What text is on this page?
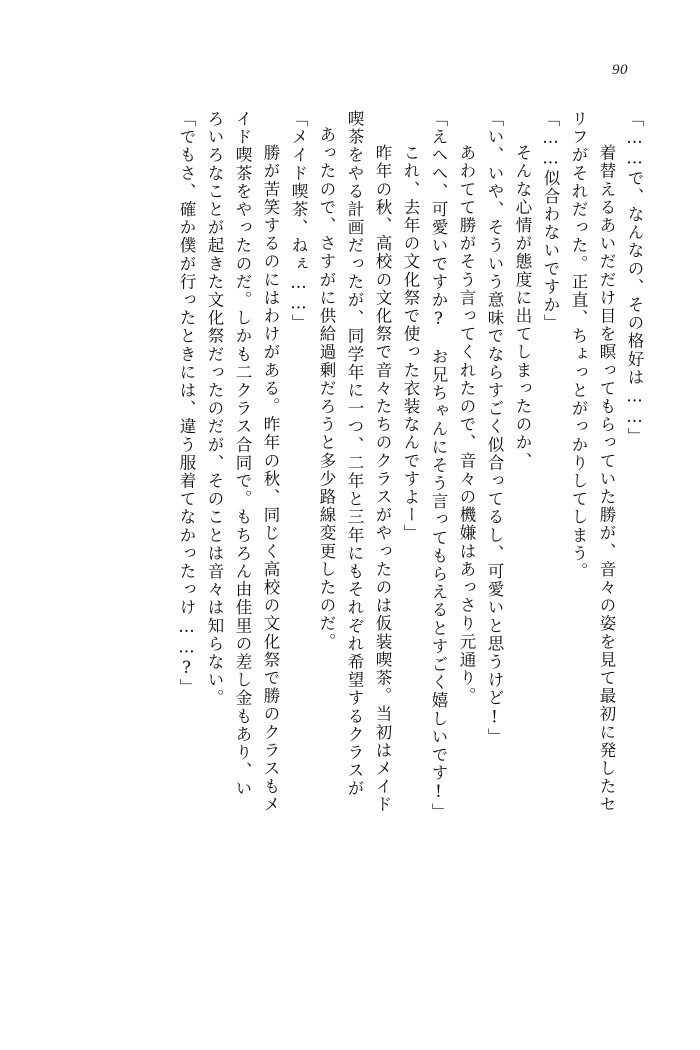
90
「……で、なんなの、その格好は……」
　着替えるあいだだけ目を瞑ってもらっていた勝が、音々の姿を見て最初に発したセ
リフがそれだった。正直、ちょっとがっかりしてしまう。
「……似合わないですか」
　そんな心情が態度に出てしまったのか、
「い、いや、そういう意味でならすごく似合ってるし、可愛いと思うけど!」
　あわてて勝がそう言ってくれたので、音々の機嫌はあっさり元通り。
「えへへ、可愛いですか?　お兄ちゃんにそう言ってもらえるとすごく嬉しいです!」
　これ、去年の文化祭で使った衣装なんですよー」
　昨年の秋、高校の文化祭で音々たちのクラスがやったのは仮装喫茶。当初はメイド
喫茶をやる計画だったが、同学年に一つ、二年と三年にもそれぞれ希望するクラスが
あったので、さすがに供給過剰だろうと多少路線変更したのだ。
「メイド喫茶、ねぇ……」
　勝が苦笑するのにはわけがある。昨年の秋、同じく高校の文化祭で勝のクラスもメ
イド喫茶をやったのだ。しかも二クラス合同で。もちろん由佳里の差し金もあり、い
ろいろなことが起きた文化祭だったのだが、そのことは音々は知らない。
「でもさ、確か僕が行ったときには、違う服着てなかったっけ……?」
